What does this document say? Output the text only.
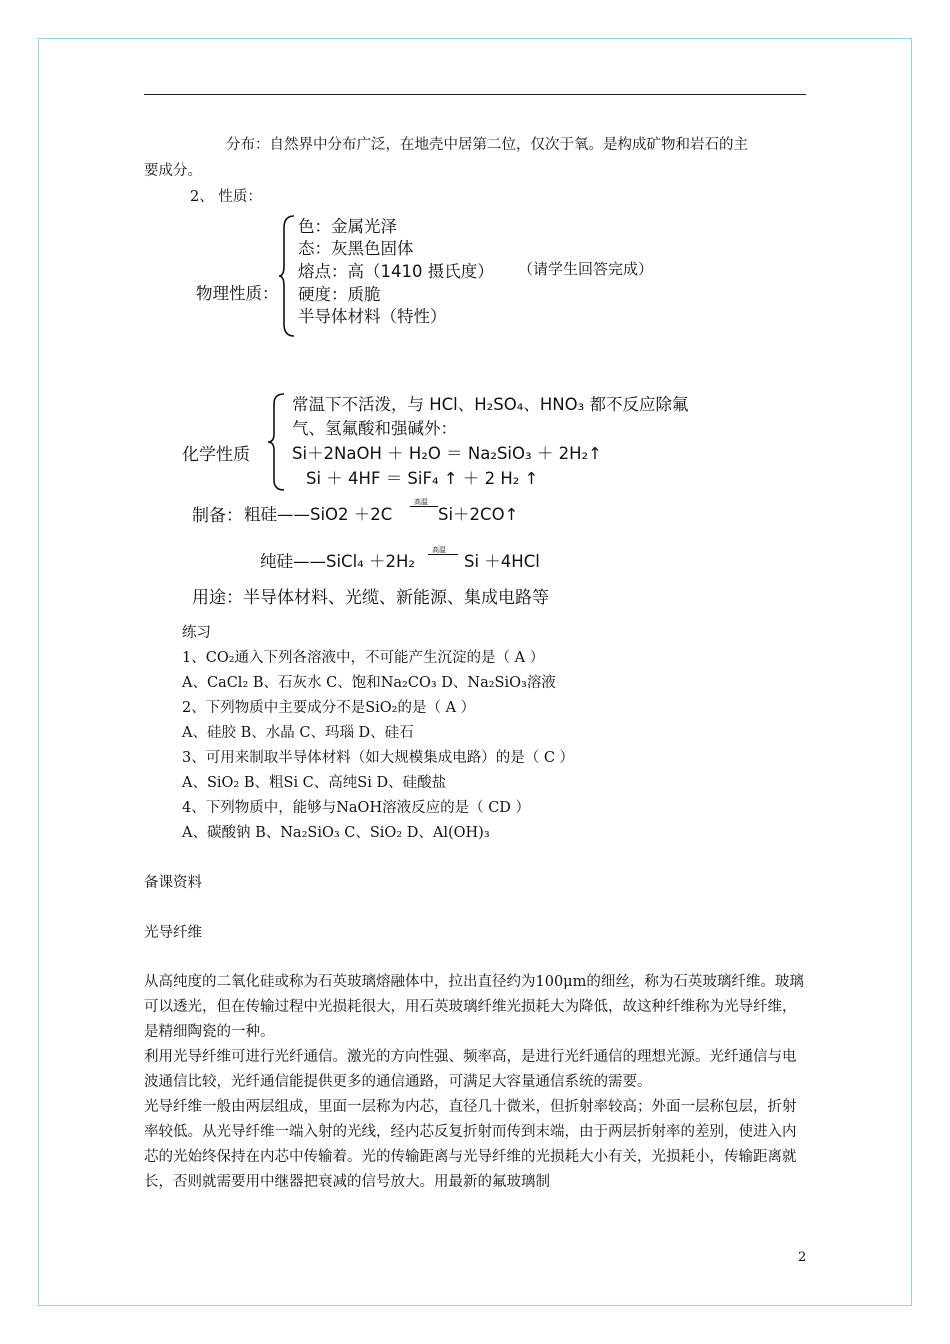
分布：自然界中分布广泛，在地壳中居第二位，仅次于氧。是构成矿物和岩石的主
要成分。
2、 性质：
物理性质：
色：金属光泽
态：灰黑色固体
熔点：高（1410 摄氏度） （请学生回答完成）
硬度：质脆
半导体材料（特性）
化学性质
常温下不活泼，与 HCl、H₂SO₄、HNO₃ 都不反应除氟
气、氢氟酸和强碱外：
Si＋2NaOH ＋ H₂O ＝ Na₂SiO₃ ＋ 2H₂↑
Si ＋ 4HF ＝ SiF₄ ↑ ＋ 2 H₂ ↑
制备： 粗硅——SiO2 ＋2C
高温
Si＋2CO↑
纯硅——SiCl₄ ＋2H₂
高温
Si ＋4HCl
用途：半导体材料、光缆、新能源、集成电路等
练习
1、CO₂通入下列各溶液中，不可能产生沉淀的是（ A ）
A、CaCl₂ B、石灰水 C、饱和Na₂CO₃ D、Na₂SiO₃溶液
2、下列物质中主要成分不是SiO₂的是（ A ）
A、硅胶 B、水晶 C、玛瑙 D、硅石
3、可用来制取半导体材料（如大规模集成电路）的是（ C ）
A、SiO₂ B、粗Si C、高纯Si D、硅酸盐
4、下列物质中，能够与NaOH溶液反应的是（ CD ）
A、碳酸钠 B、Na₂SiO₃ C、SiO₂ D、Al(OH)₃
备课资料
光导纤维
从高纯度的二氧化硅或称为石英玻璃熔融体中，拉出直径约为100μm的细丝，称为石英玻璃纤维。玻璃可以透光，但在传输过程中光损耗很大，用石英玻璃纤维光损耗大为降低，故这种纤维称为光导纤维，是精细陶瓷的一种。
利用光导纤维可进行光纤通信。激光的方向性强、频率高，是进行光纤通信的理想光源。光纤通信与电波通信比较，光纤通信能提供更多的通信通路，可满足大容量通信系统的需要。
光导纤维一般由两层组成，里面一层称为内芯，直径几十微米，但折射率较高；外面一层称包层，折射率较低。从光导纤维一端入射的光线，经内芯反复折射而传到末端，由于两层折射率的差别，使进入内芯的光始终保持在内芯中传输着。光的传输距离与光导纤维的光损耗大小有关，光损耗小，传输距离就长，否则就需要用中继器把衰减的信号放大。用最新的氟玻璃制
2
